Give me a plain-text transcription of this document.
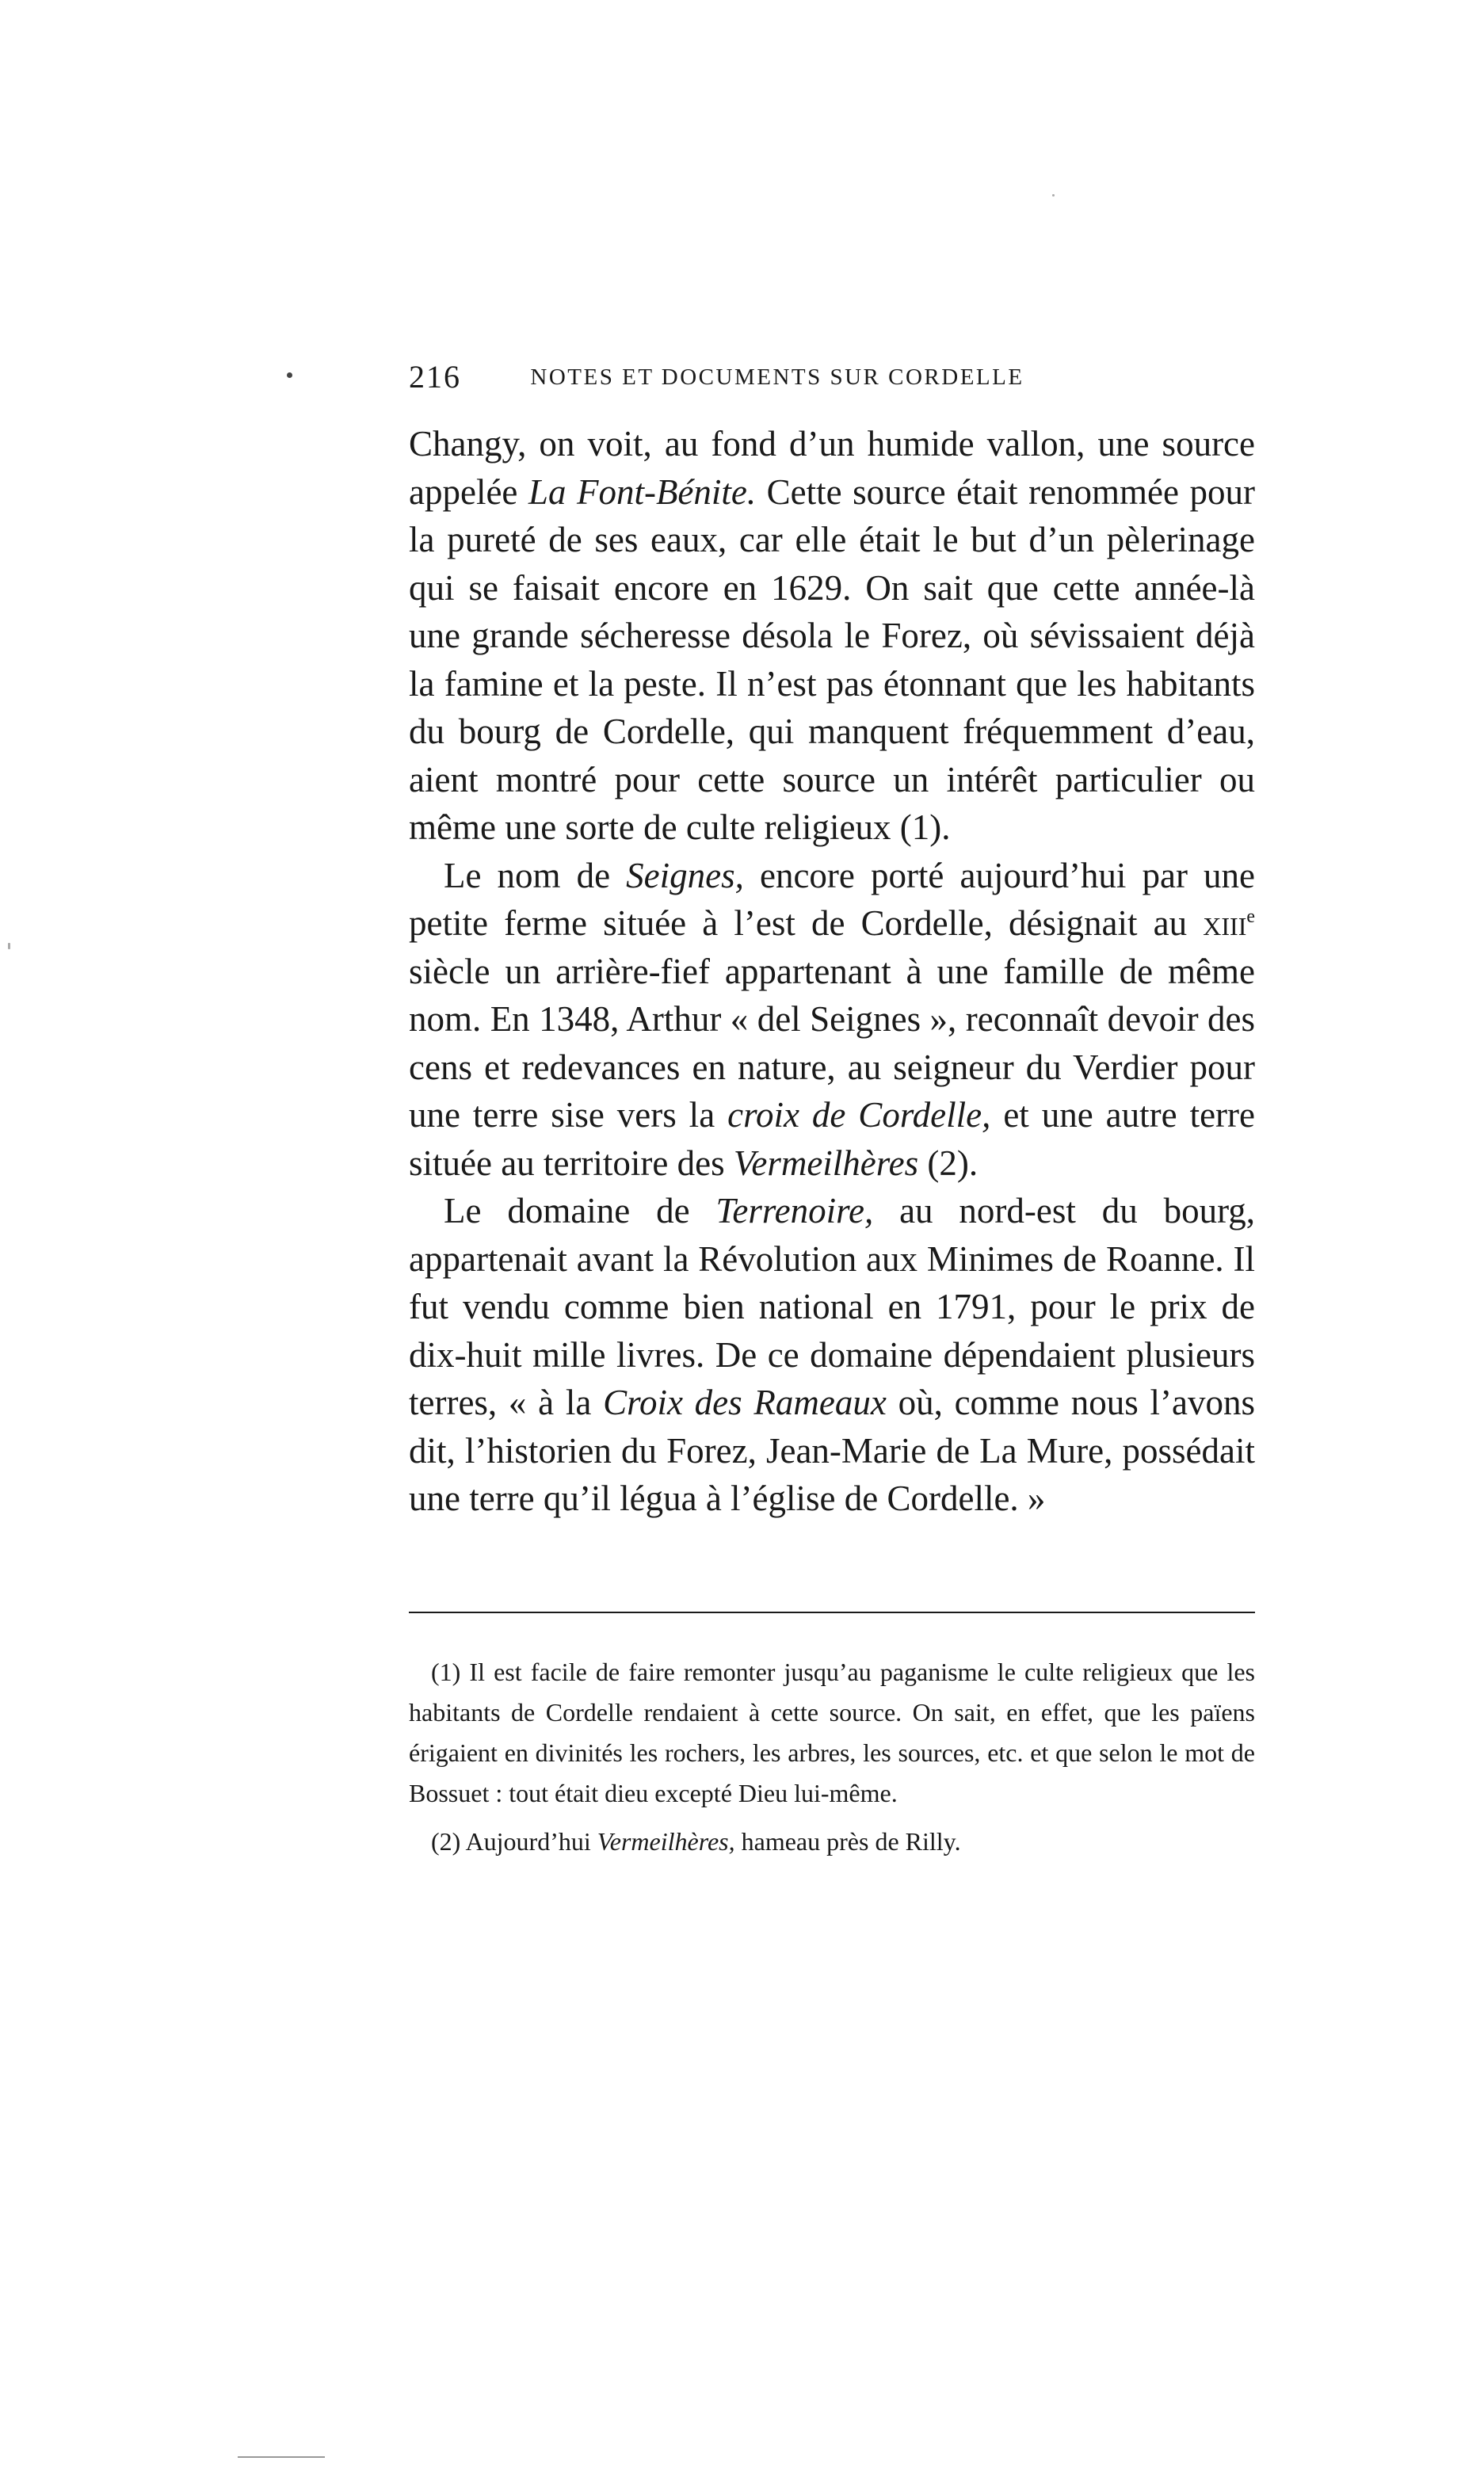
216	NOTES ET DOCUMENTS SUR CORDELLE

Changy, on voit, au fond d’un humide vallon, une source appelée La Font-Bénite. Cette source était renommée pour la pureté de ses eaux, car elle était le but d’un pèlerinage qui se faisait encore en 1629. On sait que cette année-là une grande sécheresse désola le Forez, où sévissaient déjà la famine et la peste. Il n’est pas étonnant que les habitants du bourg de Cordelle, qui manquent fréquemment d’eau, aient montré pour cette source un intérêt particulier ou même une sorte de culte religieux (1).

Le nom de Seignes, encore porté aujourd’hui par une petite ferme située à l’est de Cordelle, désignait au xiii$^e$ siècle un arrière-fief appartenant à une famille de même nom. En 1348, Arthur « del Seignes », reconnaît devoir des cens et redevances en nature, au seigneur du Verdier pour une terre sise vers la croix de Cordelle, et une autre terre située au territoire des Vermeilhères (2).

Le domaine de Terrenoire, au nord-est du bourg, appartenait avant la Révolution aux Minimes de Roanne. Il fut vendu comme bien national en 1791, pour le prix de dix-huit mille livres. De ce domaine dépendaient plusieurs terres, « à la Croix des Rameaux où, comme nous l’avons dit, l’historien du Forez, Jean-Marie de La Mure, possédait une terre qu’il légua à l’église de Cordelle. »

(1) Il est facile de faire remonter jusqu’au paganisme le culte religieux que les habitants de Cordelle rendaient à cette source. On sait, en effet, que les païens érigaient en divinités les rochers, les arbres, les sources, etc. et que selon le mot de Bossuet : tout était dieu excepté Dieu lui-même.

(2) Aujourd’hui Vermeilhères, hameau près de Rilly.
